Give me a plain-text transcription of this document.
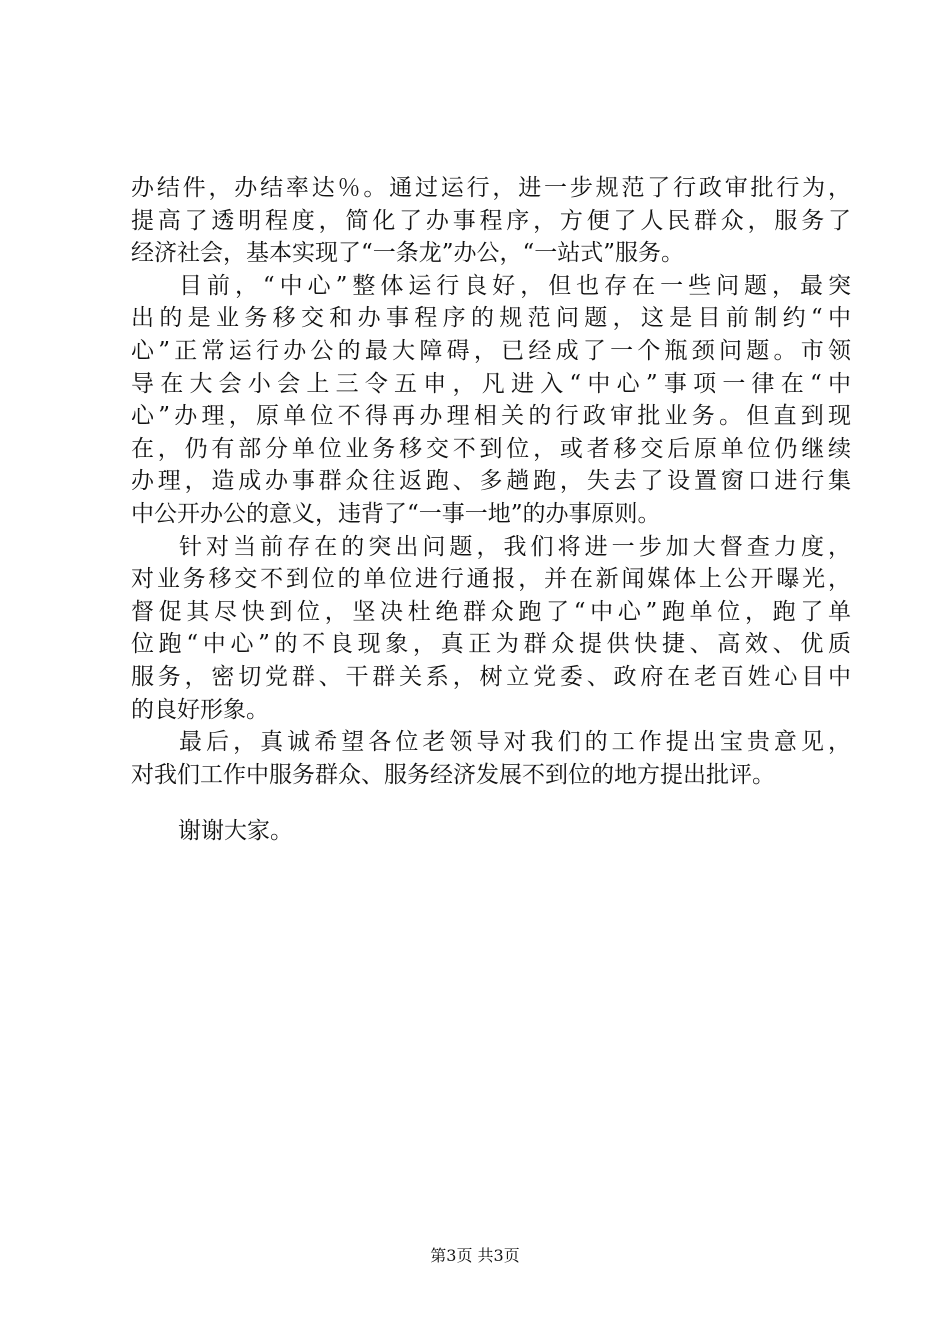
办结件，办结率达％。通过运行，进一步规范了行政审批行为，
提高了透明程度，简化了办事程序，方便了人民群众，服务了
经济社会，基本实现了“一条龙”办公，“一站式”服务。
目前，“中心”整体运行良好，但也存在一些问题，最突
出的是业务移交和办事程序的规范问题，这是目前制约“中
心”正常运行办公的最大障碍，已经成了一个瓶颈问题。市领
导在大会小会上三令五申，凡进入“中心”事项一律在“中
心”办理，原单位不得再办理相关的行政审批业务。但直到现
在，仍有部分单位业务移交不到位，或者移交后原单位仍继续
办理，造成办事群众往返跑、多趟跑，失去了设置窗口进行集
中公开办公的意义，违背了“一事一地”的办事原则。
针对当前存在的突出问题，我们将进一步加大督查力度，
对业务移交不到位的单位进行通报，并在新闻媒体上公开曝光，
督促其尽快到位，坚决杜绝群众跑了“中心”跑单位，跑了单
位跑“中心”的不良现象，真正为群众提供快捷、高效、优质
服务，密切党群、干群关系，树立党委、政府在老百姓心目中
的良好形象。
最后，真诚希望各位老领导对我们的工作提出宝贵意见，
对我们工作中服务群众、服务经济发展不到位的地方提出批评。
谢谢大家。
第3页 共3页
